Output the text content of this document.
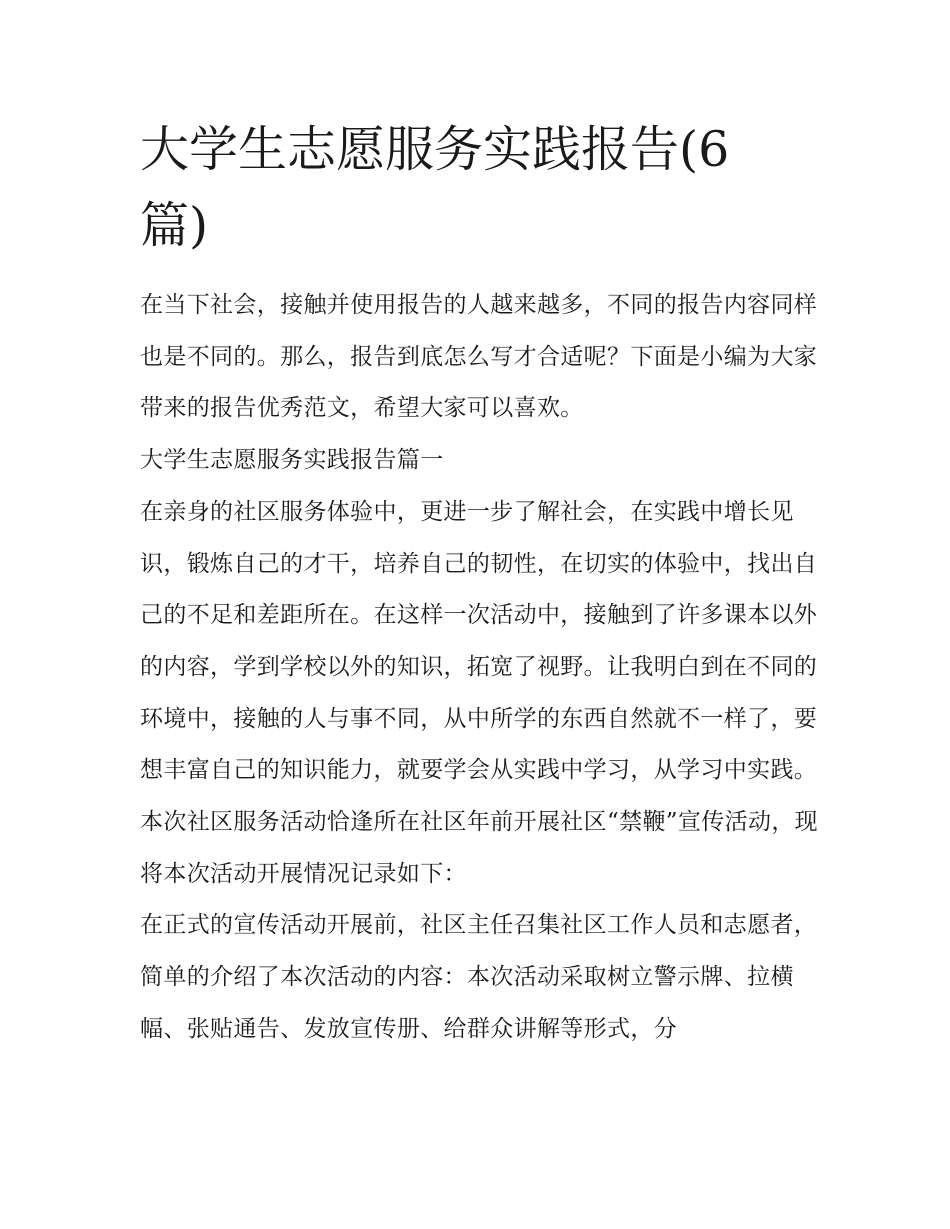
大学生志愿服务实践报告(6篇)

在当下社会，接触并使用报告的人越来越多，不同的报告内容同样也是不同的。那么，报告到底怎么写才合适呢？下面是小编为大家带来的报告优秀范文，希望大家可以喜欢。

大学生志愿服务实践报告篇一

在亲身的社区服务体验中，更进一步了解社会，在实践中增长见识，锻炼自己的才干，培养自己的韧性，在切实的体验中，找出自己的不足和差距所在。在这样一次活动中，接触到了许多课本以外的内容，学到学校以外的知识，拓宽了视野。让我明白到在不同的环境中，接触的人与事不同，从中所学的东西自然就不一样了，要想丰富自己的知识能力，就要学会从实践中学习，从学习中实践。

本次社区服务活动恰逢所在社区年前开展社区“禁鞭”宣传活动，现将本次活动开展情况记录如下：

在正式的宣传活动开展前，社区主任召集社区工作人员和志愿者，简单的介绍了本次活动的内容：本次活动采取树立警示牌、拉横幅、张贴通告、发放宣传册、给群众讲解等形式，分
